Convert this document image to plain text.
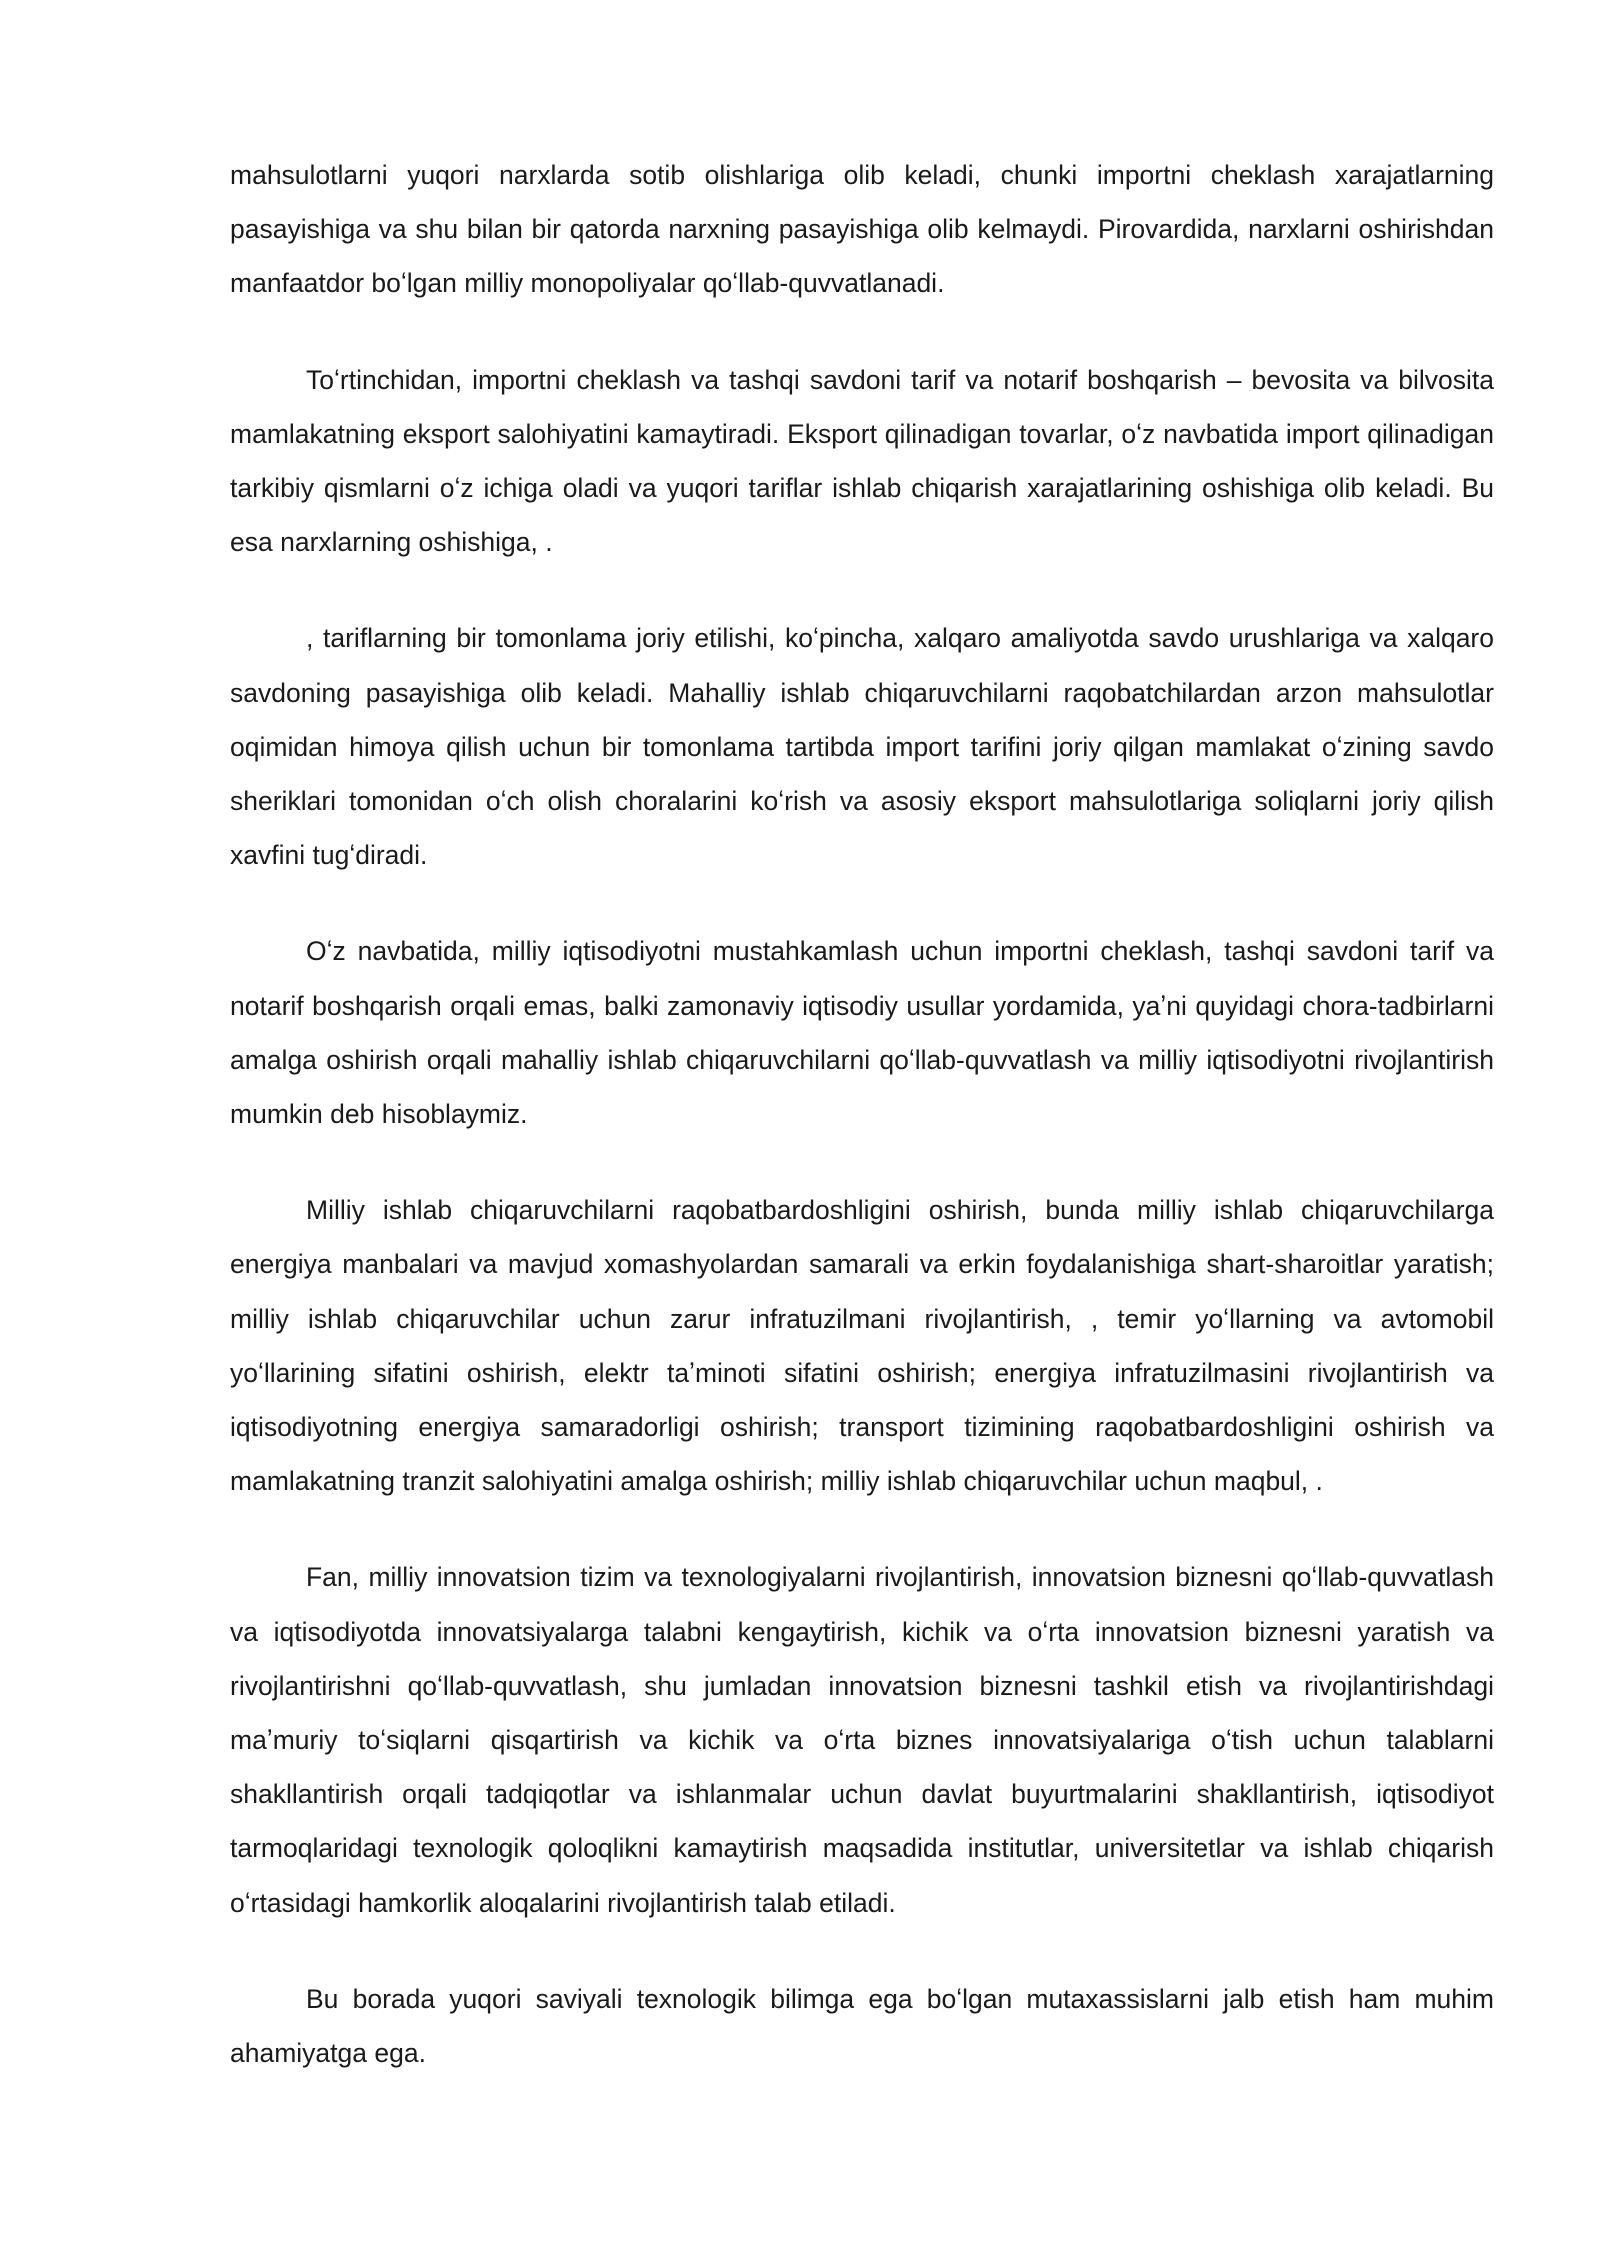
mahsulotlarni yuqori narxlarda sotib olishlariga olib keladi, chunki importni cheklash xarajatlarning pasayishiga va shu bilan bir qatorda narxning pasayishiga olib kelmaydi. Pirovardida, narxlarni oshirishdan manfaatdor boʻlgan milliy monopoliyalar qoʻllab-quvvatlanadi.

Toʻrtinchidan, importni cheklash va tashqi savdoni tarif va notarif boshqarish – bevosita va bilvosita mamlakatning eksport salohiyatini kamaytiradi. Eksport qilinadigan tovarlar, oʻz navbatida import qilinadigan tarkibiy qismlarni oʻz ichiga oladi va yuqori tariflar ishlab chiqarish xarajatlarining oshishiga olib keladi. Bu esa narxlarning oshishiga, .

, tariflarning bir tomonlama joriy etilishi, koʻpincha, xalqaro amaliyotda savdo urushlariga va xalqaro savdoning pasayishiga olib keladi. Mahalliy ishlab chiqaruvchilarni raqobatchilardan arzon mahsulotlar oqimidan himoya qilish uchun bir tomonlama tartibda import tarifini joriy qilgan mamlakat oʻzining savdo sheriklari tomonidan oʻch olish choralarini koʻrish va asosiy eksport mahsulotlariga soliqlarni joriy qilish xavfini tugʻdiradi.

Oʻz navbatida, milliy iqtisodiyotni mustahkamlash uchun importni cheklash, tashqi savdoni tarif va notarif boshqarish orqali emas, balki zamonaviy iqtisodiy usullar yordamida, yaʼni quyidagi chora-tadbirlarni amalga oshirish orqali mahalliy ishlab chiqaruvchilarni qoʻllab-quvvatlash va milliy iqtisodiyotni rivojlantirish mumkin deb hisoblaymiz.

Milliy ishlab chiqaruvchilarni raqobatbardoshligini oshirish, bunda milliy ishlab chiqaruvchilarga energiya manbalari va mavjud xomashyolardan samarali va erkin foydalanishiga shart-sharoitlar yaratish; milliy ishlab chiqaruvchilar uchun zarur infratuzilmani rivojlantirish, , temir yoʻllarning va avtomobil yoʻllarining sifatini oshirish, elektr taʼminoti sifatini oshirish; energiya infratuzilmasini rivojlantirish va iqtisodiyotning energiya samaradorligi oshirish; transport tizimining raqobatbardoshligini oshirish va mamlakatning tranzit salohiyatini amalga oshirish; milliy ishlab chiqaruvchilar uchun maqbul, .

Fan, milliy innovatsion tizim va texnologiyalarni rivojlantirish, innovatsion biznesni qoʻllab-quvvatlash va iqtisodiyotda innovatsiyalarga talabni kengaytirish, kichik va oʻrta innovatsion biznesni yaratish va rivojlantirishni qoʻllab-quvvatlash, shu jumladan innovatsion biznesni tashkil etish va rivojlantirishdagi maʼmuriy toʻsiqlarni qisqartirish va kichik va oʻrta biznes innovatsiyalariga oʻtish uchun talablarni shakllantirish orqali tadqiqotlar va ishlanmalar uchun davlat buyurtmalarini shakllantirish, iqtisodiyot tarmoqlaridagi texnologik qoloqlikni kamaytirish maqsadida institutlar, universitetlar va ishlab chiqarish oʻrtasidagi hamkorlik aloqalarini rivojlantirish talab etiladi.

Bu borada yuqori saviyali texnologik bilimga ega boʻlgan mutaxassislarni jalb etish ham muhim ahamiyatga ega.
